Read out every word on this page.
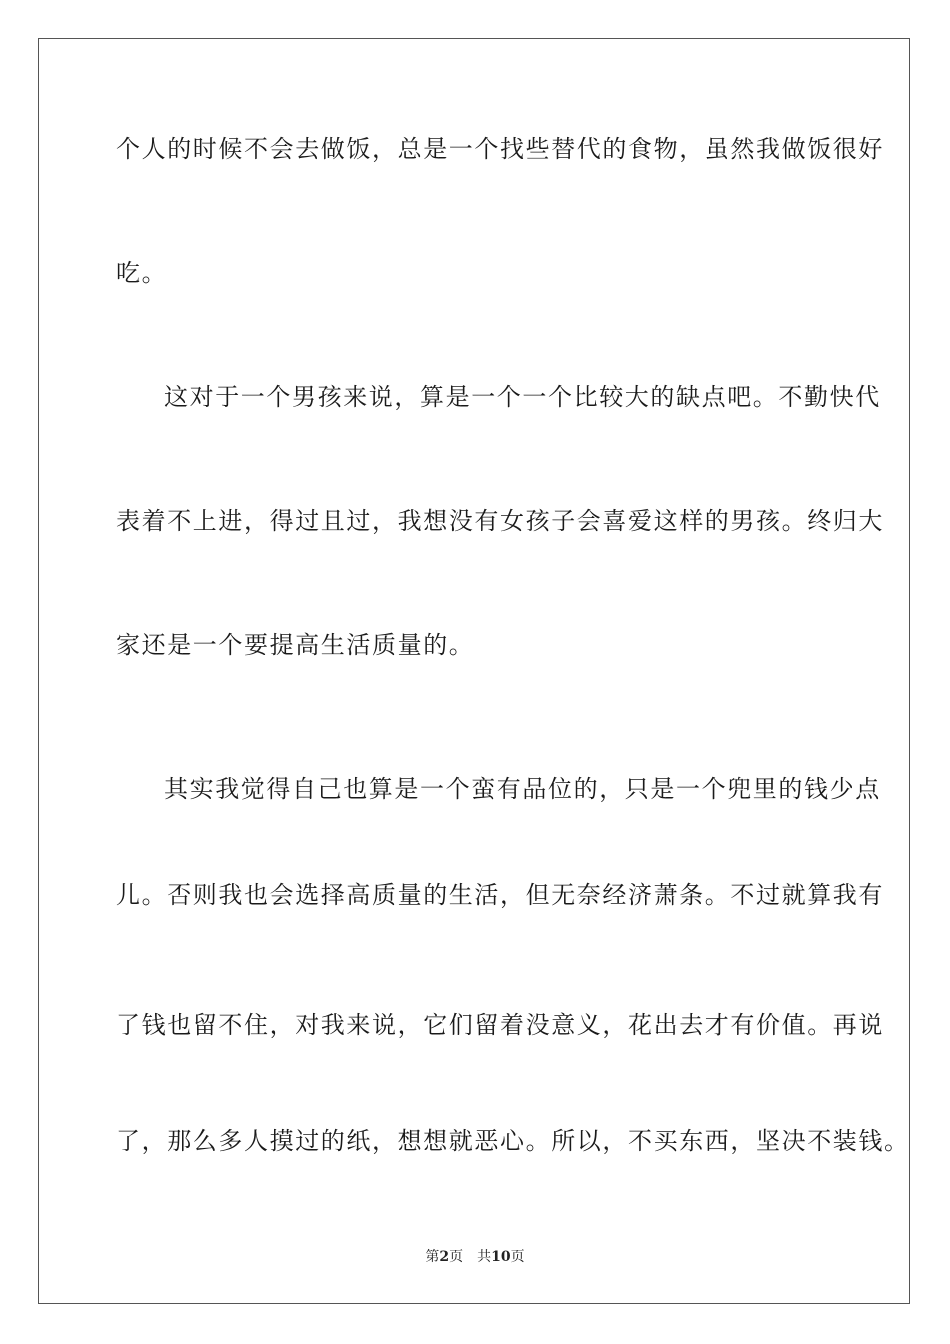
个人的时候不会去做饭，总是一个找些替代的食物，虽然我做饭很好
吃。
这对于一个男孩来说，算是一个一个比较大的缺点吧。不勤快代
表着不上进，得过且过，我想没有女孩子会喜爱这样的男孩。终归大
家还是一个要提高生活质量的。
其实我觉得自己也算是一个蛮有品位的，只是一个兜里的钱少点
儿。否则我也会选择高质量的生活，但无奈经济萧条。不过就算我有
了钱也留不住，对我来说，它们留着没意义，花出去才有价值。再说
了，那么多人摸过的纸，想想就恶心。所以，不买东西，坚决不装钱。
第2页 共10页
